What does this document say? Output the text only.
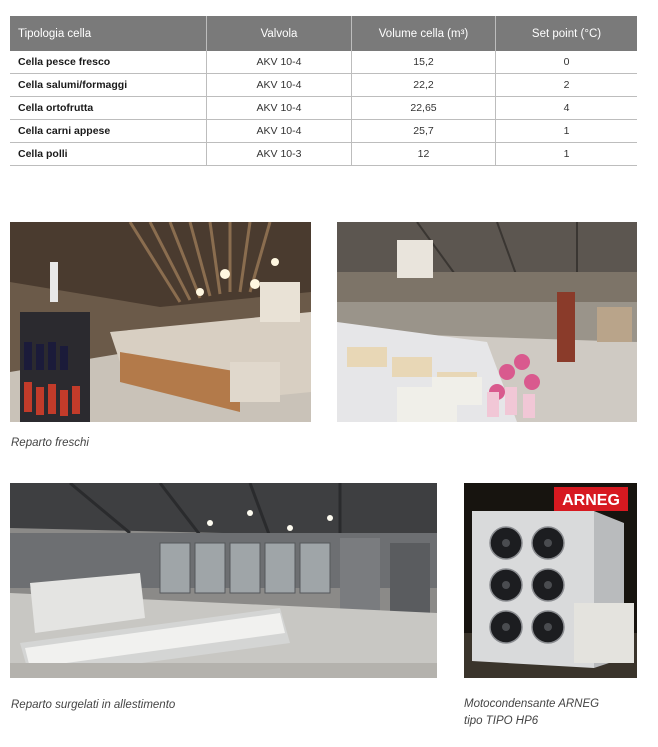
Tipologia cella	Valvola	Volume cella (m³)	Set point (°C)
Cella pesce fresco	AKV 10-4	15,2	0
Cella salumi/formaggi	AKV 10-4	22,2	2
Cella ortofrutta	AKV 10-4	22,65	4
Cella carni appese	AKV 10-4	25,7	1
Cella polli	AKV 10-3	12	1
Reparto freschi
Reparto surgelati in allestimento
ARNEG
Motocondensante ARNEG
tipo TIPO HP6
